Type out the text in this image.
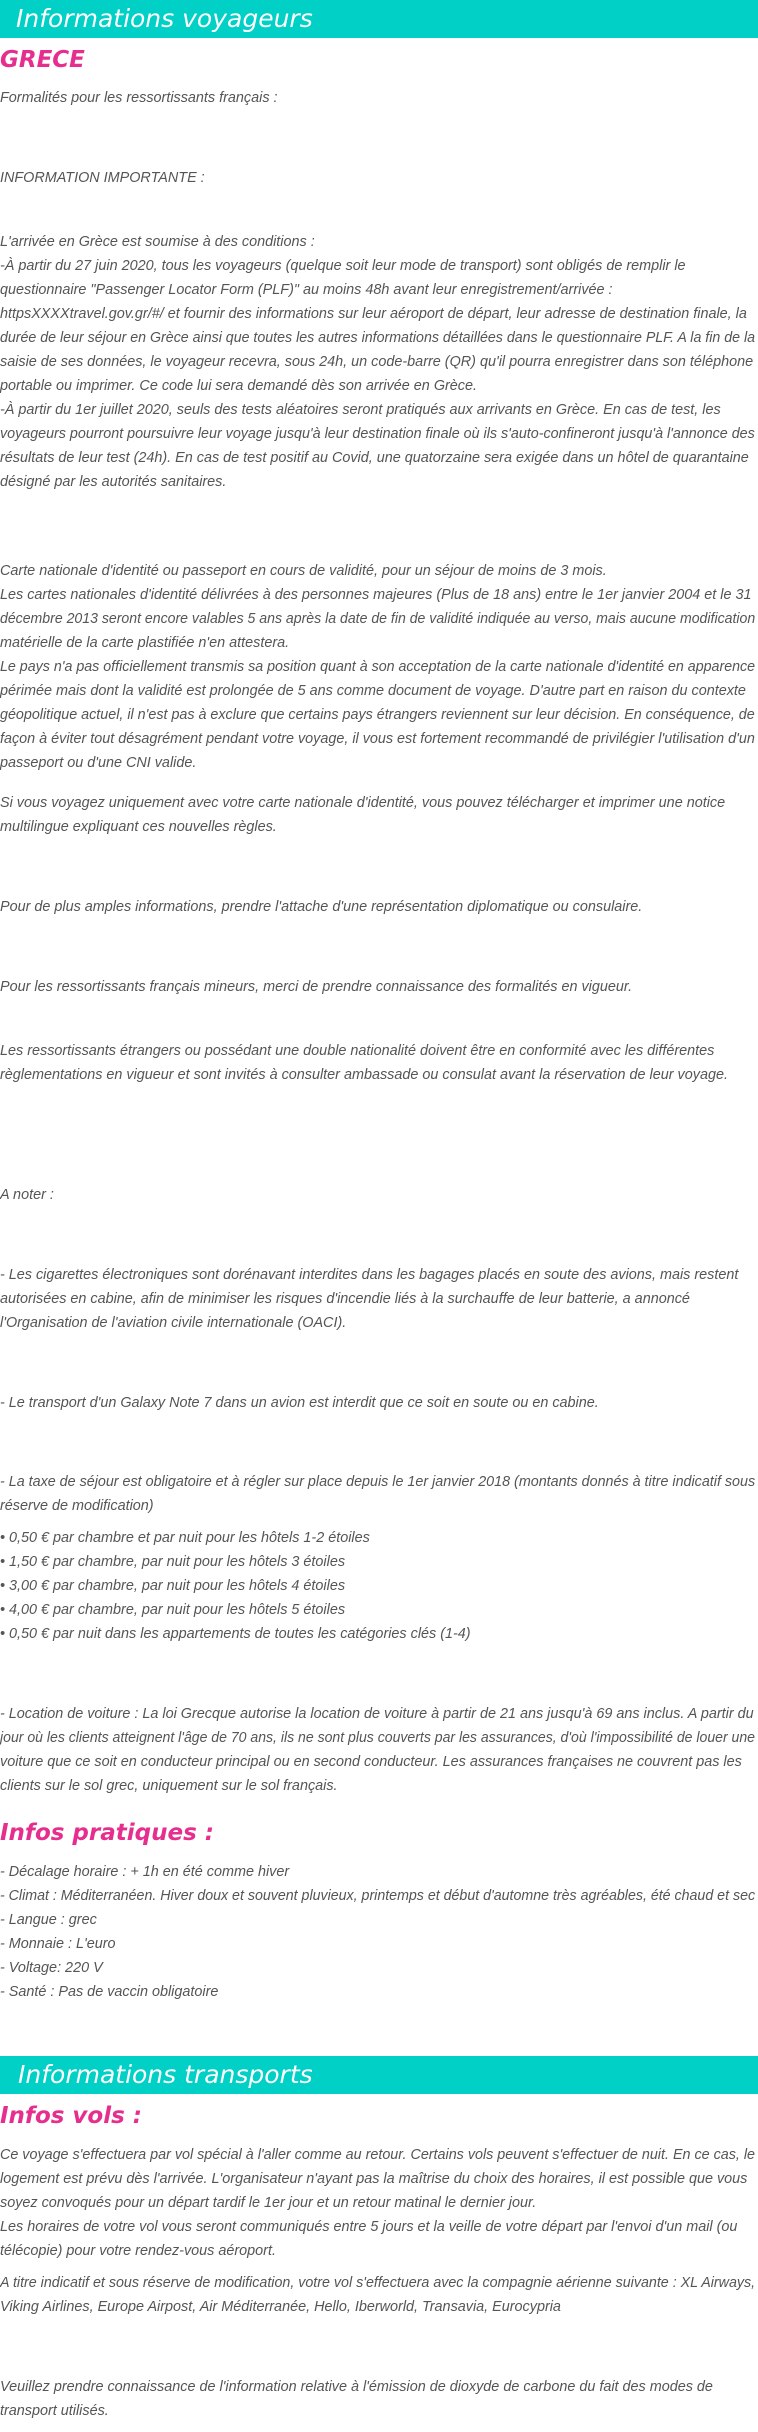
Informations voyageurs
GRECE
Formalités pour les ressortissants français :
INFORMATION IMPORTANTE :
L'arrivée en Grèce est soumise à des conditions :
-À partir du 27 juin 2020, tous les voyageurs (quelque soit leur mode de transport) sont obligés de remplir le
questionnaire "Passenger Locator Form (PLF)" au moins 48h avant leur enregistrement/arrivée :
httpsXXXXtravel.gov.gr/#/ et fournir des informations sur leur aéroport de départ, leur adresse de destination finale, la
durée de leur séjour en Grèce ainsi que toutes les autres informations détaillées dans le questionnaire PLF. A la fin de la
saisie de ses données, le voyageur recevra, sous 24h, un code-barre (QR) qu'il pourra enregistrer dans son téléphone
portable ou imprimer. Ce code lui sera demandé dès son arrivée en Grèce.
-À partir du 1er juillet 2020, seuls des tests aléatoires seront pratiqués aux arrivants en Grèce. En cas de test, les
voyageurs pourront poursuivre leur voyage jusqu'à leur destination finale où ils s'auto-confineront jusqu'à l'annonce des
résultats de leur test (24h). En cas de test positif au Covid, une quatorzaine sera exigée dans un hôtel de quarantaine
désigné par les autorités sanitaires.
Carte nationale d'identité ou passeport en cours de validité, pour un séjour de moins de 3 mois.
Les cartes nationales d'identité délivrées à des personnes majeures (Plus de 18 ans) entre le 1er janvier 2004 et le 31
décembre 2013 seront encore valables 5 ans après la date de fin de validité indiquée au verso, mais aucune modification
matérielle de la carte plastifiée n'en attestera.
Le pays n'a pas officiellement transmis sa position quant à son acceptation de la carte nationale d'identité en apparence
périmée mais dont la validité est prolongée de 5 ans comme document de voyage. D'autre part en raison du contexte
géopolitique actuel, il n'est pas à exclure que certains pays étrangers reviennent sur leur décision. En conséquence, de
façon à éviter tout désagrément pendant votre voyage, il vous est fortement recommandé de privilégier l'utilisation d'un
passeport ou d'une CNI valide.
Si vous voyagez uniquement avec votre carte nationale d'identité, vous pouvez télécharger et imprimer une notice
multilingue expliquant ces nouvelles règles.
Pour de plus amples informations, prendre l'attache d'une représentation diplomatique ou consulaire.
Pour les ressortissants français mineurs, merci de prendre connaissance des formalités en vigueur.
Les ressortissants étrangers ou possédant une double nationalité doivent être en conformité avec les différentes
règlementations en vigueur et sont invités à consulter ambassade ou consulat avant la réservation de leur voyage.
A noter :
- Les cigarettes électroniques sont dorénavant interdites dans les bagages placés en soute des avions, mais restent
autorisées en cabine, afin de minimiser les risques d'incendie liés à la surchauffe de leur batterie, a annoncé
l'Organisation de l'aviation civile internationale (OACI).
- Le transport d'un Galaxy Note 7 dans un avion est interdit que ce soit en soute ou en cabine.
- La taxe de séjour est obligatoire et à régler sur place depuis le 1er janvier 2018 (montants donnés à titre indicatif sous
réserve de modification)
• 0,50 € par chambre et par nuit pour les hôtels 1-2 étoiles
• 1,50 € par chambre, par nuit pour les hôtels 3 étoiles
• 3,00 € par chambre, par nuit pour les hôtels 4 étoiles
• 4,00 € par chambre, par nuit pour les hôtels 5 étoiles
• 0,50 € par nuit dans les appartements de toutes les catégories clés (1-4)
- Location de voiture : La loi Grecque autorise la location de voiture à partir de 21 ans jusqu'à 69 ans inclus. A partir du
jour où les clients atteignent l'âge de 70 ans, ils ne sont plus couverts par les assurances, d'où l'impossibilité de louer une
voiture que ce soit en conducteur principal ou en second conducteur. Les assurances françaises ne couvrent pas les
clients sur le sol grec, uniquement sur le sol français.
Infos pratiques :
- Décalage horaire : + 1h en été comme hiver
- Climat : Méditerranéen. Hiver doux et souvent pluvieux, printemps et début d'automne très agréables, été chaud et sec
- Langue : grec
- Monnaie : L'euro
- Voltage: 220 V
- Santé : Pas de vaccin obligatoire
Informations transports
Infos vols :
Ce voyage s'effectuera par vol spécial à l'aller comme au retour. Certains vols peuvent s'effectuer de nuit. En ce cas, le
logement est prévu dès l'arrivée. L'organisateur n'ayant pas la maîtrise du choix des horaires, il est possible que vous
soyez convoqués pour un départ tardif le 1er jour et un retour matinal le dernier jour.
Les horaires de votre vol vous seront communiqués entre 5 jours et la veille de votre départ par l'envoi d'un mail (ou
télécopie) pour votre rendez-vous aéroport.
A titre indicatif et sous réserve de modification, votre vol s'effectuera avec la compagnie aérienne suivante : XL Airways,
Viking Airlines, Europe Airpost, Air Méditerranée, Hello, Iberworld, Transavia, Eurocypria
Veuillez prendre connaissance de l'information relative à l'émission de dioxyde de carbone du fait des modes de
transport utilisés.
